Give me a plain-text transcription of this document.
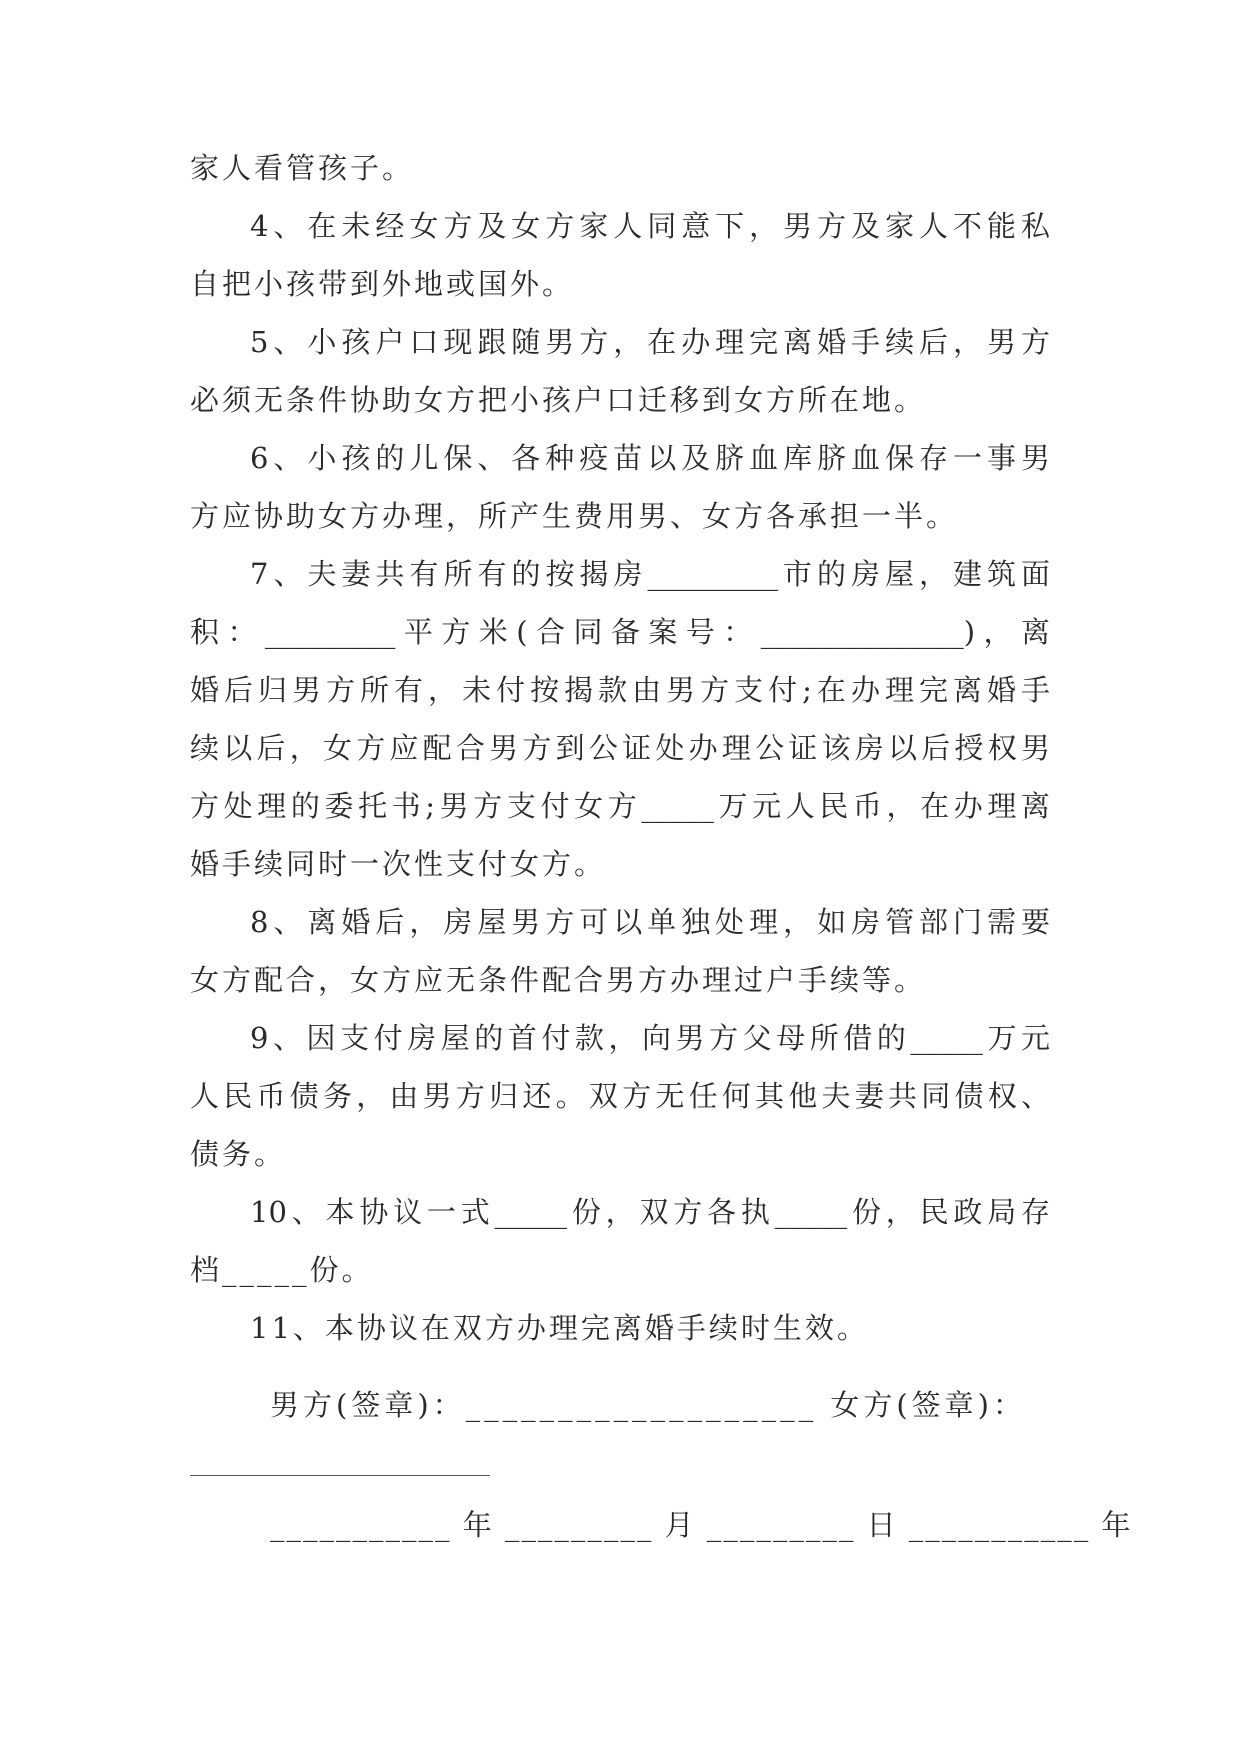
家人看管孩子。
4、在未经女方及女方家人同意下，男方及家人不能私
自把小孩带到外地或国外。
5、小孩户口现跟随男方，在办理完离婚手续后，男方
必须无条件协助女方把小孩户口迁移到女方所在地。
6、小孩的儿保、各种疫苗以及脐血库脐血保存一事男
方应协助女方办理，所产生费用男、女方各承担一半。
7、夫妻共有所有的按揭房_________市的房屋，建筑面
积：_________平方米(合同备案号：______________)，离
婚后归男方所有，未付按揭款由男方支付;在办理完离婚手
续以后，女方应配合男方到公证处办理公证该房以后授权男
方处理的委托书;男方支付女方_____万元人民币，在办理离
婚手续同时一次性支付女方。
8、离婚后，房屋男方可以单独处理，如房管部门需要
女方配合，女方应无条件配合男方办理过户手续等。
9、因支付房屋的首付款，向男方父母所借的_____万元
人民币债务，由男方归还。双方无任何其他夫妻共同债权、
债务。
10、本协议一式_____份，双方各执_____份，民政局存
档_____份。
11、本协议在双方办理完离婚手续时生效。
男方(签章)：___________________ 女方(签章)：
___________ 年 _________ 月 _________ 日 ___________ 年
